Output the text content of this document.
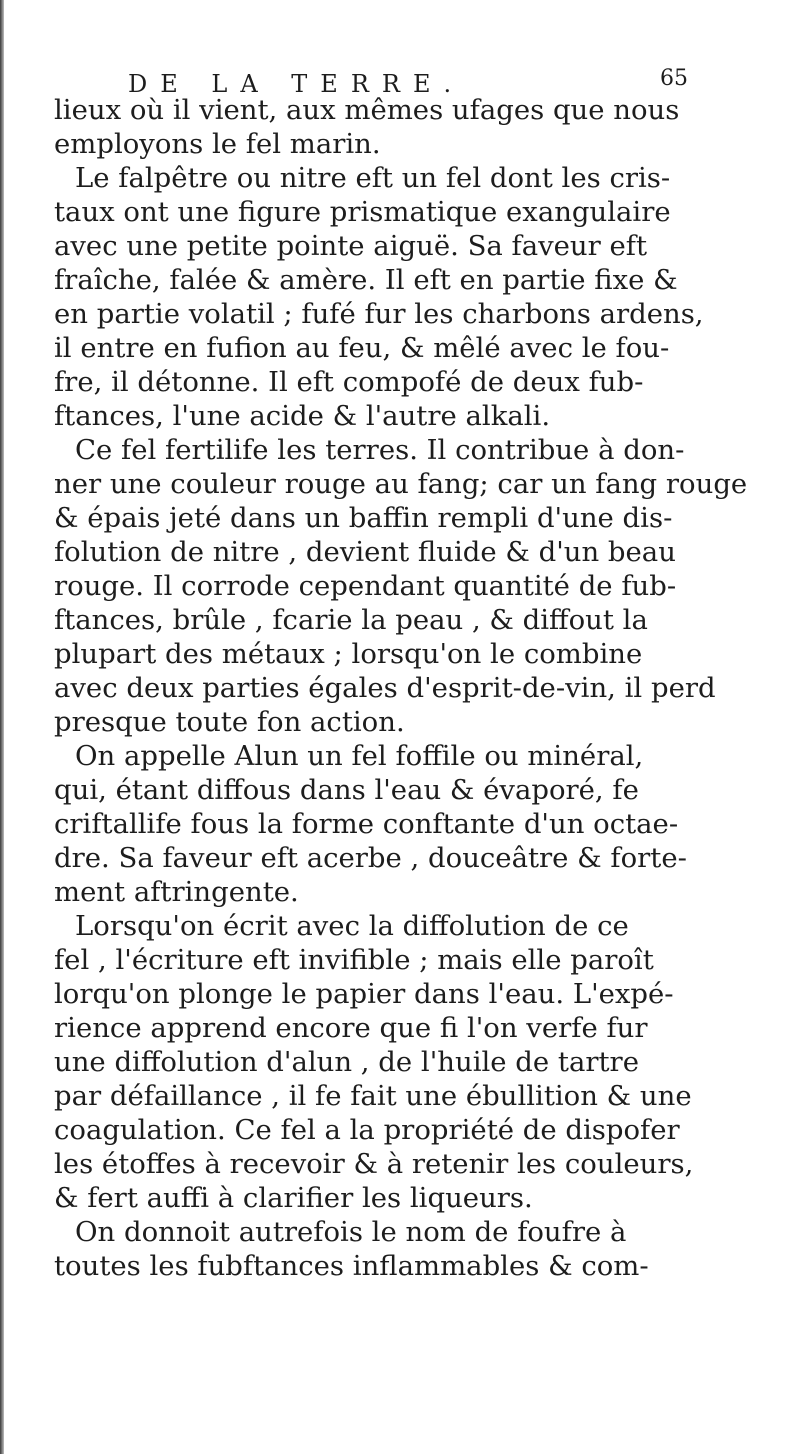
DE LA TERRE.	65
lieux où il vient, aux mêmes ufages que nous
employons le fel marin.
Le falpêtre ou nitre eft un fel dont les cris-
taux ont une figure prismatique exangulaire
avec une petite pointe aiguë. Sa faveur eft
fraîche, falée & amère. Il eft en partie fixe &
en partie volatil ; fufé fur les charbons ardens,
il entre en fufion au feu, & mêlé avec le fou-
fre, il détonne. Il eft compofé de deux fub-
ftances, l'une acide & l'autre alkali.
Ce fel fertilife les terres. Il contribue à don-
ner une couleur rouge au fang; car un fang rouge
& épais jeté dans un baffin rempli d'une dis-
folution de nitre , devient fluide & d'un beau
rouge. Il corrode cependant quantité de fub-
ftances, brûle , fcarie la peau , & diffout la
plupart des métaux ; lorsqu'on le combine
avec deux parties égales d'esprit-de-vin, il perd
presque toute fon action.
On appelle Alun un fel foffile ou minéral,
qui, étant diffous dans l'eau & évaporé, fe
criftallife fous la forme conftante d'un octae-
dre. Sa faveur eft acerbe , douceâtre & forte-
ment aftringente.
Lorsqu'on écrit avec la diffolution de ce
fel , l'écriture eft invifible ; mais elle paroît
lorqu'on plonge le papier dans l'eau. L'expé-
rience apprend encore que fi l'on verfe fur
une diffolution d'alun , de l'huile de tartre
par défaillance , il fe fait une ébullition & une
coagulation. Ce fel a la propriété de dispofer
les étoffes à recevoir & à retenir les couleurs,
& fert auffi à clarifier les liqueurs.
On donnoit autrefois le nom de foufre à
toutes les fubftances inflammables & com-
